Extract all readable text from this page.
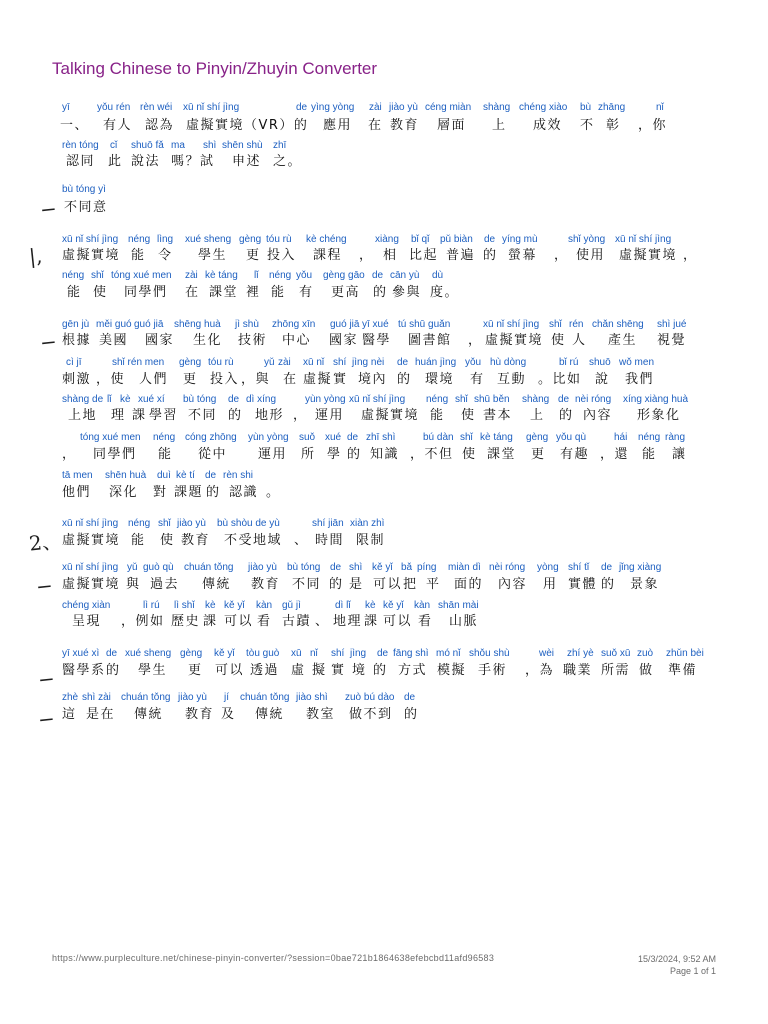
Talking Chinese to Pinyin/Zhuyin Converter
yī	yǒu rén rèn wéi xū nǐ shí jìng	de yìng yòng zài jiào yù céng miàn shàng chéng xiào bù zhāng	nǐ
一、 有人 認為 虛擬實境（VR）的 應用 在 教育 層面 上 成效 不 彰 ，你
rèn tóng cǐ shuō fǎ ma shì shēn shù zhī
認同 此 說法 嗎？試 申述 之。
bù tóng yì
不同意
xū nǐ shí jìng néng lìng xué sheng gèng tóu rù kè chéng	xiàng bǐ qǐ pǔ biàn de yíng mù	shǐ yòng xū nǐ shí jìng
虛擬實境 能 令 學生 更 投入 課程 ， 相 比起 普遍 的 螢幕 ， 使用 虛擬實境 ，
néng shǐ tóng xué men zài kè táng lǐ néng yǒu gèng gāo de cān yù dù
能 使 同學們 在 課堂 裡 能 有 更高 的 參與 度。
gēn jù měi guó guó jiā shēng huà jì shù zhōng xīn guó jiā yī xué tú shū guǎn	xū nǐ shí jìng shǐ rén chǎn shēng shì jué
根據 美國 國家 生化 技術 中心 國家 醫學 圖書館 ， 虛擬實境 使 人 產生 視覺
cì jī	shǐ rén men gèng tóu rù	yǔ zài xū nǐ shí jìng nèi de huán jìng yǒu hù dòng	bǐ rú shuō wǒ men
刺激 ，使 人們 更 投入 ，與 在 虛擬 實 境內 的 環境 有 互動 。比如 說 我們
shàng de lǐ kè xué xí bù tóng de dì xíng	yùn yòng xū nǐ shí jìng néng shǐ shū běn shàng de nèi róng xíng xiàng huà
上地 理 課 學習 不同 的 地形 ， 運用 虛擬實境 能 使 書本 上 的 內容 形象化
tóng xué men néng cóng zhōng yùn yòng suǒ xué de zhī shì	bú dàn shǐ kè táng gèng yǒu qù	hái néng ràng
， 同學們 能 從中 運用 所 學 的 知識 ，不但 使 課堂 更 有趣 ，還 能 讓
tā men shēn huà duì kè tí de rèn shi
他們 深化 對 課題 的 認識 。
xū nǐ shí jìng néng shǐ jiào yù bù shòu de yù	shí jiān xiàn zhì
虛擬實境 能 使 教育 不受地域 、 時間 限制
xū nǐ shí jìng yǔ guò qù chuán tǒng jiào yù bù tóng de shì kě yǐ bǎ píng miàn dì nèi róng yòng shí tǐ de jǐng xiàng
虛擬實境 與 過去 傳統 教育 不同 的 是 可以 把 平 面的 內容 用 實體 的 景象
chéng xiàn	lì rú lì shǐ kè kě yǐ kàn gǔ jì	dì lǐ kè kě yǐ kàn shān mài
呈現 ，例如 歷史 課 可以 看 古蹟 、 地理 課 可以 看 山脈
yī xué xì de xué sheng gèng kě yǐ tòu guò xū nǐ shí jìng de fāng shì mó nǐ shǒu shù	wèi zhí yè suǒ xū zuò zhǔn bèi
醫學系 的 學生 更 可以 透過 虛 擬 實 境 的 方式 模擬 手術 ，為 職業 所需 做 準備
zhè shì zài chuán tǒng jiào yù jí chuán tǒng jiào shì zuò bú dào de
這 是在 傳統 教育 及 傳統 教室 做不到 的
−
|,
−
2、
−
−
−
https://www.purpleculture.net/chinese-pinyin-converter/?session=0bae721b1864638efebcbd11afd96583	15/3/2024, 9:52 AM
Page 1 of 1
